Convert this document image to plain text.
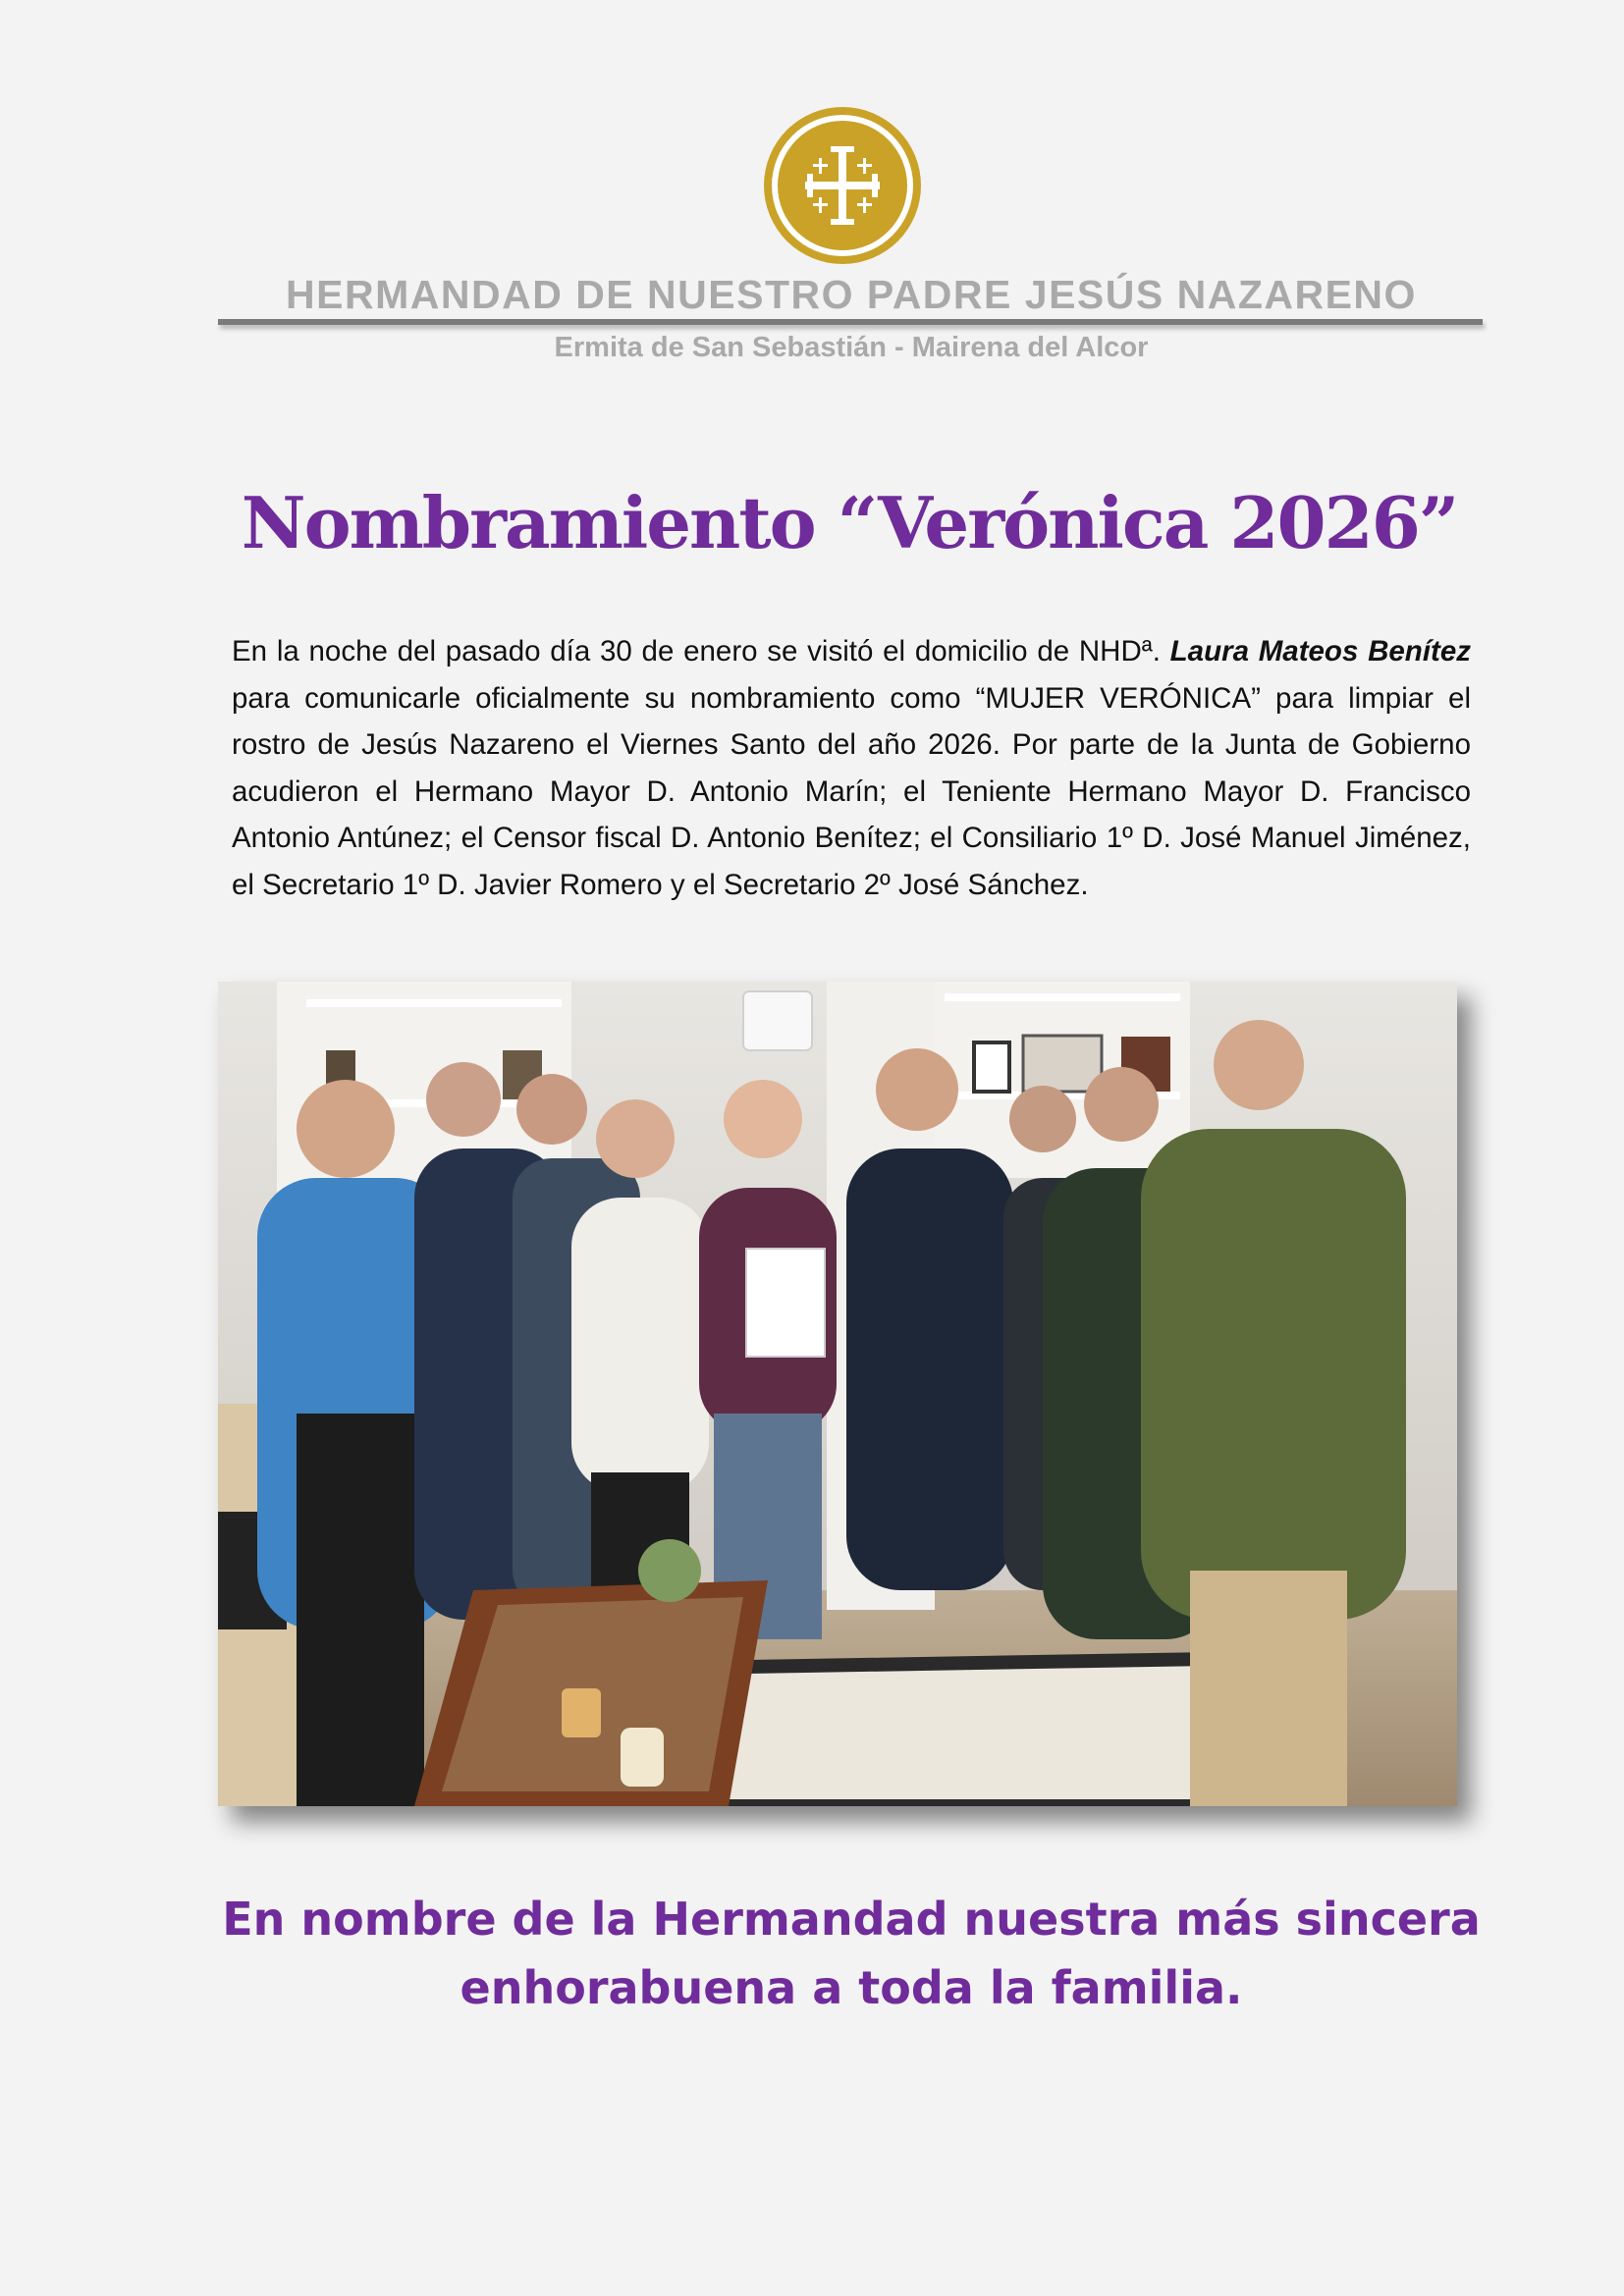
HERMANDAD DE NUESTRO PADRE JESÚS NAZARENO
Ermita de San Sebastián - Mairena del Alcor
Nombramiento “Verónica 2026”

En la noche del pasado día 30 de enero se visitó el domicilio de NHDª. Laura Mateos Benítez para comunicarle oficialmente su nombramiento como “MUJER VERÓNICA” para limpiar el rostro de Jesús Nazareno el Viernes Santo del año 2026. Por parte de la Junta de Gobierno acudieron el Hermano Mayor D. Antonio Marín; el Teniente Hermano Mayor D. Francisco Antonio Antúnez; el Censor fiscal D. Antonio Benítez; el Consiliario 1º D. José Manuel Jiménez, el Secretario 1º D. Javier Romero y el Secretario 2º José Sánchez.

En nombre de la Hermandad nuestra más sincera
enhorabuena a toda la familia.
